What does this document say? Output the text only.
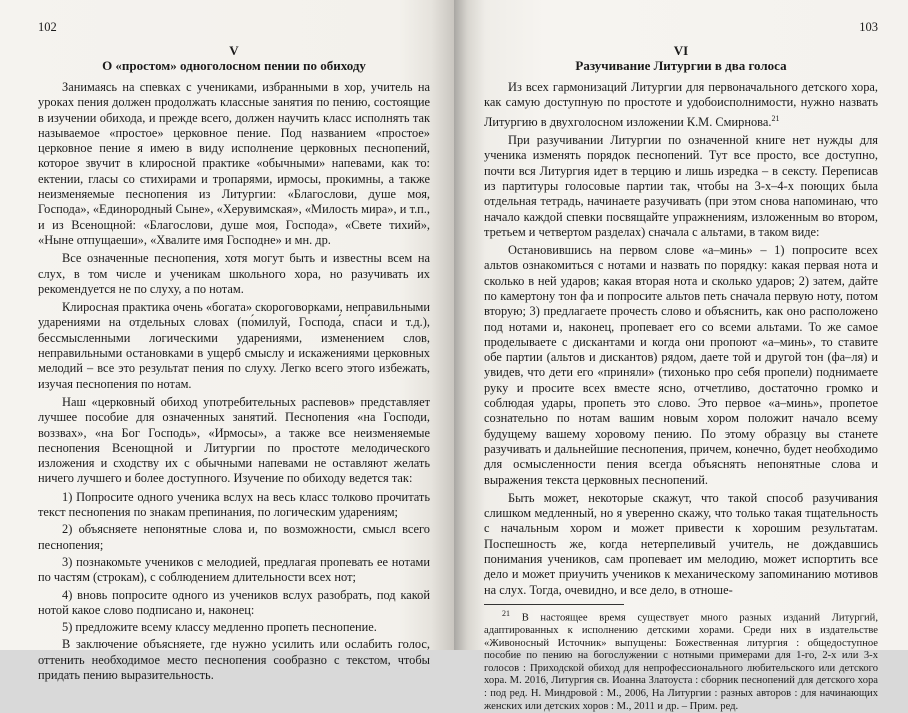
102
V
О «простом» одноголосном пении по обиходу

Занимаясь на спевках с учениками, избранными в хор, учитель на уроках пения должен продолжать классные занятия по пению, состоящие в изучении обихода, и прежде всего, должен научить класс исполнять так называемое «простое» церковное пение. Под названием «простое» церковное пение я имею в виду исполнение церковных песнопений, которое звучит в клиросной практике «обычными» напевами, как то: ектении, гласы со стихирами и тропарями, ирмосы, прокимны, а также неизменяемые песнопения из Литургии: «Благослови, душе моя, Господа», «Единородный Сыне», «Херувимская», «Милость мира», и т.п., и из Всенощной: «Благослови, душе моя, Господа», «Свете тихий», «Ныне отпущаеши», «Хвалите имя Господне» и мн. др.

Все означенные песнопения, хотя могут быть и известны всем на слух, в том числе и ученикам школьного хора, но разучивать их рекомендуется не по слуху, а по нотам.

Клиросная практика очень «богата» скороговорками, неправильными ударениями на отдельных словах (по́милуй, Господа́, спа́си и т.д.), бессмысленными логическими ударениями, изменением слов, неправильными остановками в ущерб смыслу и искажениями церковных мелодий – все это результат пения по слуху. Легко всего этого избежать, изучая песнопения по нотам.

Наш «церковный обиход употребительных распевов» представляет лучшее пособие для означенных занятий. Песнопения «на Господи, воззвах», «на Бог Господь», «Ирмосы», а также все неизменяемые песнопения Всенощной и Литургии по простоте мелодического изложения и сходству их с обычными напевами не оставляют желать ничего лучшего и более доступного. Изучение по обиходу ведется так:

1) Попросите одного ученика вслух на весь класс толково прочитать текст песнопения по знакам препинания, по логическим ударениям;

2) объясняете непонятные слова и, по возможности, смысл всего песнопения;

3) познакомьте учеников с мелодией, предлагая пропевать ее нотами по частям (строкам), с соблюдением длительности всех нот;

4) вновь попросите одного из учеников вслух разобрать, под какой нотой какое слово подписано и, наконец:

5) предложите всему классу медленно пропеть песнопение.

В заключение объясняете, где нужно усилить или ослабить голос, оттенить необходимое место песнопения сообразно с текстом, чтобы придать пению выразительность.

103
VI
Разучивание Литургии в два голоса

Из всех гармонизаций Литургии для первоначального детского хора, как самую доступную по простоте и удобоисполнимости, нужно назвать Литургию в двухголосном изложении К.М. Смирнова.$^{21}$

При разучивании Литургии по означенной книге нет нужды для ученика изменять порядок песнопений. Тут все просто, все доступно, почти вся Литургия идет в терцию и лишь изредка – в сексту. Переписав из партитуры голосовые партии так, чтобы на 3-х–4-х поющих была отдельная тетрадь, начинаете разучивать (при этом снова напоминаю, что начало каждой спевки посвящайте упражнениям, изложенным во втором, третьем и четвертом разделах) сначала с альтами, в таком виде:

Остановившись на первом слове «а–минь» – 1) попросите всех альтов ознакомиться с нотами и назвать по порядку: какая первая нота и сколько в ней ударов; какая вторая нота и сколько ударов; 2) затем, дайте по камертону тон фа и попросите альтов петь сначала первую ноту, потом вторую; 3) предлагаете прочесть слово и объяснить, как оно расположено под нотами и, наконец, пропевает его со всеми альтами. То же самое проделываете с дискантами и когда они пропоют «а–минь», то ставите обе партии (альтов и дискантов) рядом, даете той и другой тон (фа–ля) и увидев, что дети его «приняли» (тихонько про себя пропели) поднимаете руку и просите всех вместе ясно, отчетливо, достаточно громко и соблюдая удары, пропеть это слово. Это первое «а–минь», пропетое сознательно по нотам вашим новым хором положит начало всему будущему вашему хоровому пению. По этому образцу вы станете разучивать и дальнейшие песнопения, причем, конечно, будет необходимо для осмысленности пения всегда объяснять непонятные слова и выражения текста церковных песнопений.

Быть может, некоторые скажут, что такой способ разучивания слишком медленный, но я уверенно скажу, что только такая тщательность с начальным хором и может привести к хорошим результатам. Поспешность же, когда нетерпеливый учитель, не дождавшись понимания учеников, сам пропевает им мелодию, может испортить все дело и может приучить учеников к механическому запоминанию мотивов на слух. Тогда, очевидно, и все дело, в отноше-

$^{21}$ В настоящее время существует много разных изданий Литургий, адаптированных к исполнению детскими хорами. Среди них в издательстве «Живоносный Источник» выпущены: Божественная литургия : общедоступное пособие по пению на богослужении с нотными примерами для 1-го, 2-х или 3-х голосов : Приходской обиход для непрофессионального любительского или детского хора. М. 2016, Литургия св. Иоанна Златоуста : сборник песнопений для детского хора : под ред. Н. Миндровой : М., 2006, На Литургии : разных авторов : для начинающих женских или детских хоров : М., 2011 и др. – Прим. ред.
